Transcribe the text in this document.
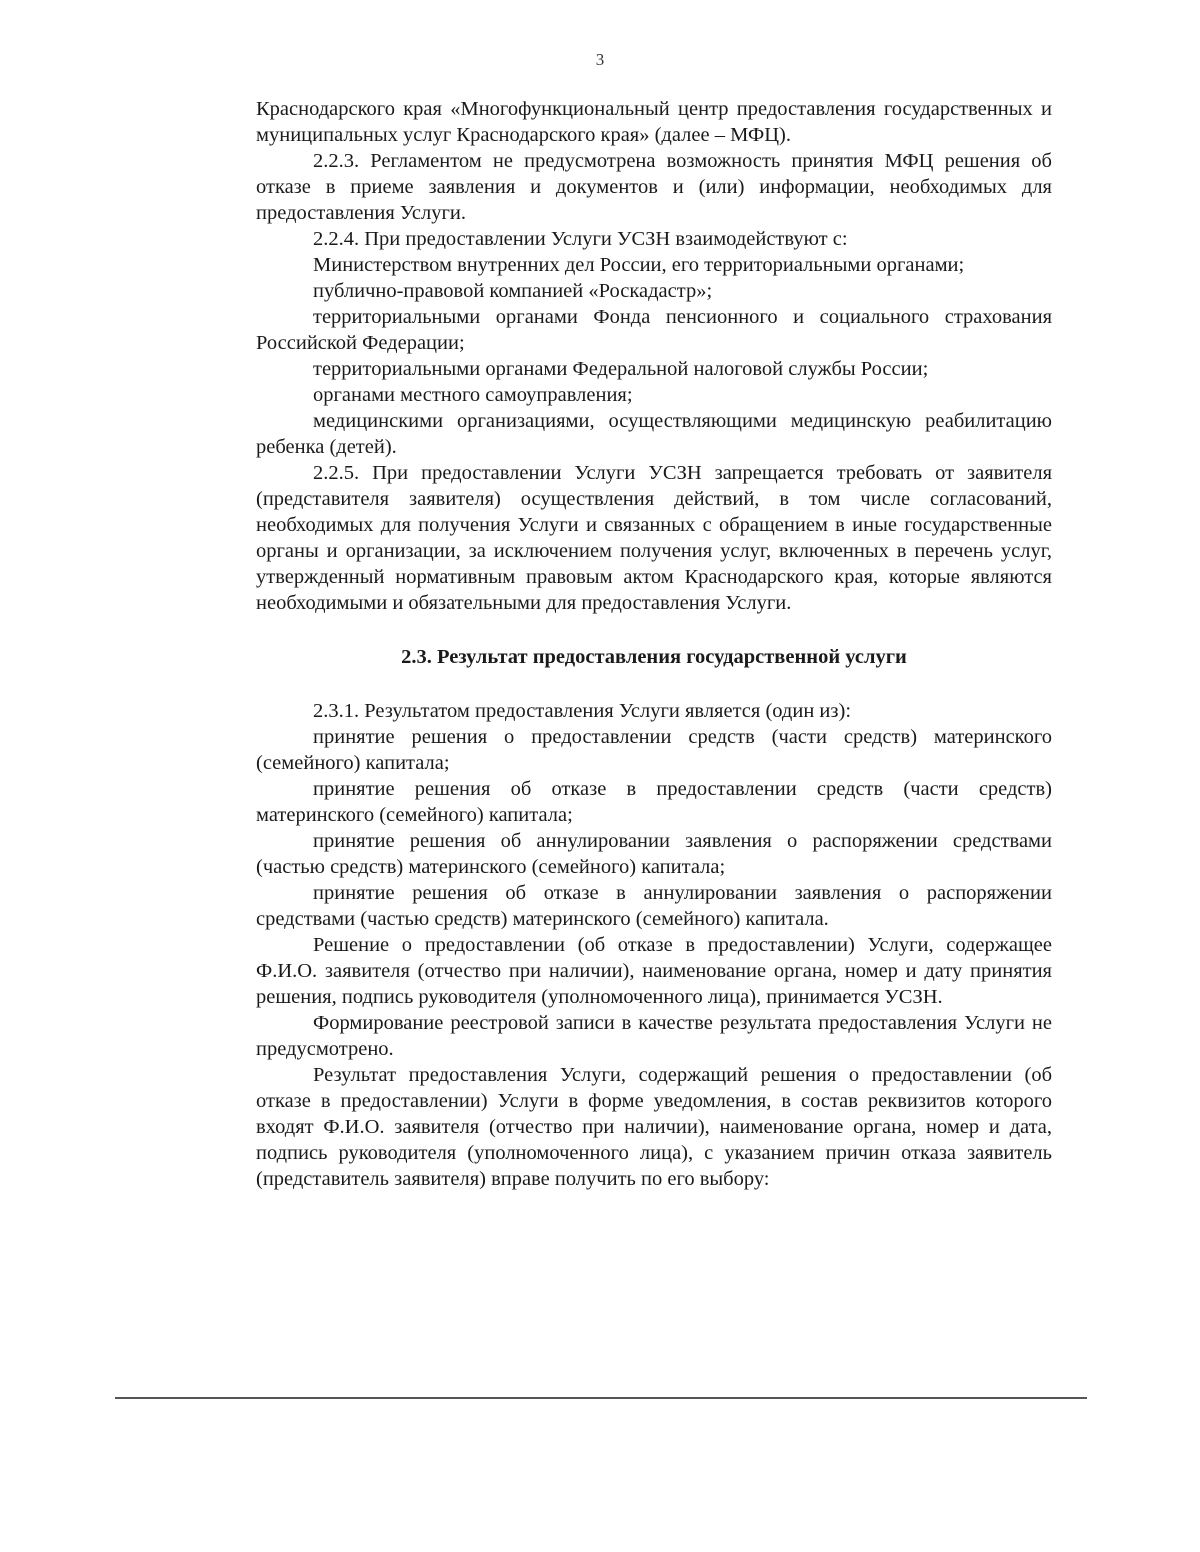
3

Краснодарского края «Многофункциональный центр предоставления государственных и муниципальных услуг Краснодарского края» (далее – МФЦ).

2.2.3. Регламентом не предусмотрена возможность принятия МФЦ решения об отказе в приеме заявления и документов и (или) информации, необходимых для предоставления Услуги.

2.2.4. При предоставлении Услуги УСЗН взаимодействуют с:

Министерством внутренних дел России, его территориальными органами;

публично-правовой компанией «Роскадастр»;

территориальными органами Фонда пенсионного и социального страхования Российской Федерации;

территориальными органами Федеральной налоговой службы России;

органами местного самоуправления;

медицинскими организациями, осуществляющими медицинскую реабилитацию ребенка (детей).

2.2.5. При предоставлении Услуги УСЗН запрещается требовать от заявителя (представителя заявителя) осуществления действий, в том числе согласований, необходимых для получения Услуги и связанных с обращением в иные государственные органы и организации, за исключением получения услуг, включенных в перечень услуг, утвержденный нормативным правовым актом Краснодарского края, которые являются необходимыми и обязательными для предоставления Услуги.

2.3. Результат предоставления государственной услуги

2.3.1. Результатом предоставления Услуги является (один из):

принятие решения о предоставлении средств (части средств) материнского (семейного) капитала;

принятие решения об отказе в предоставлении средств (части средств) материнского (семейного) капитала;

принятие решения об аннулировании заявления о распоряжении средствами (частью средств) материнского (семейного) капитала;

принятие решения об отказе в аннулировании заявления о распоряжении средствами (частью средств) материнского (семейного) капитала.

Решение о предоставлении (об отказе в предоставлении) Услуги, содержащее Ф.И.О. заявителя (отчество при наличии), наименование органа, номер и дату принятия решения, подпись руководителя (уполномоченного лица), принимается УСЗН.

Формирование реестровой записи в качестве результата предоставления Услуги не предусмотрено.

Результат предоставления Услуги, содержащий решения о предоставлении (об отказе в предоставлении) Услуги в форме уведомления, в состав реквизитов которого входят Ф.И.О. заявителя (отчество при наличии), наименование органа, номер и дата, подпись руководителя (уполномоченного лица), с указанием причин отказа заявитель (представитель заявителя) вправе получить по его выбору:
